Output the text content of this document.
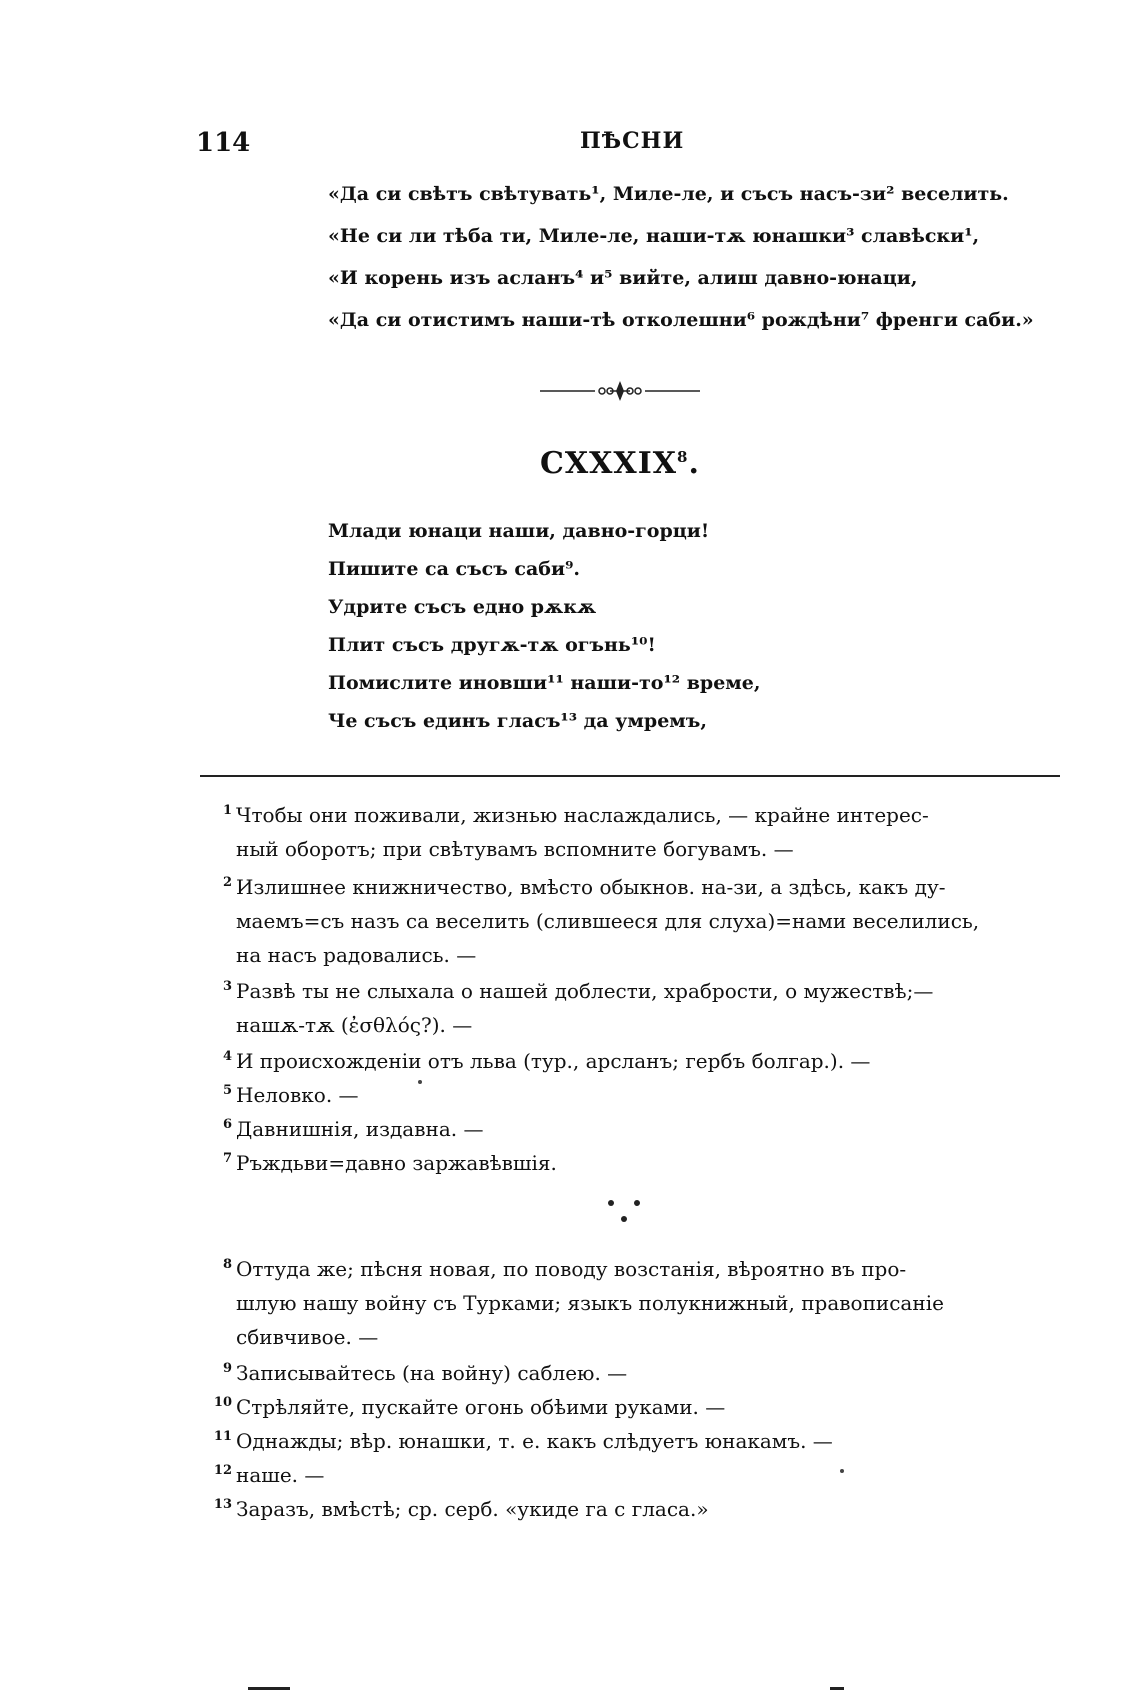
114	ПѢСНИ
«Да си свѣтъ свѣтувать¹, Миле-ле, и съсъ насъ-зи² веселить.
«Не си ли тѣба ти, Миле-ле, наши-тѫ юнашки³ славѣски¹,
«И корень изъ асланъ⁴ и⁵ вийте, алиш давно-юнаци,
«Да си отистимъ наши-тѣ отколешни⁶ рождѣни⁷ френги саби.»
CXXXIX$^8$.
Млади юнаци наши, давно-горци!
Пишите са съсъ саби⁹.
Удрите съсъ едно рѫкѫ
Плит съсъ другѫ-тѫ огънь¹⁰!
Помислите иновши¹¹ наши-то¹² време,
Че съсъ единъ гласъ¹³ да умремъ,
1 Чтобы они поживали, жизнью наслаждались, — крайне интерес-
ный оборотъ; при свѣтувамъ вспомните богувамъ. —
2 Излишнее книжничество, вмѣсто обыкнов. на-зи, а здѣсь, какъ ду-
маемъ=съ назъ са веселить (слившееся для слуха)=нами веселились,
на насъ радовались. —
3 Развѣ ты не слыхала о нашей доблести, храбрости, о мужествѣ;—
нашѫ-тѫ (ἐσθλός?). —
4 И происхожденіи отъ льва (тур., арсланъ; гербъ болгар.). —
5 Неловко. —
6 Давнишнія, издавна. —
7 Ръждьви=давно заржавѣвшія.
8 Оттуда же; пѣсня новая, по поводу возстанія, вѣроятно въ про-
шлую нашу войну съ Турками; языкъ полукнижный, правописаніе
сбивчивое. —
9 Записывайтесь (на войну) саблею. —
10 Стрѣляйте, пускайте огонь обѣими руками. —
11 Однажды; вѣр. юнашки, т. е. какъ слѣдуетъ юнакамъ. —
12 наше. —
13 Заразъ, вмѣстѣ; ср. серб. «укиде га с гласа.»
